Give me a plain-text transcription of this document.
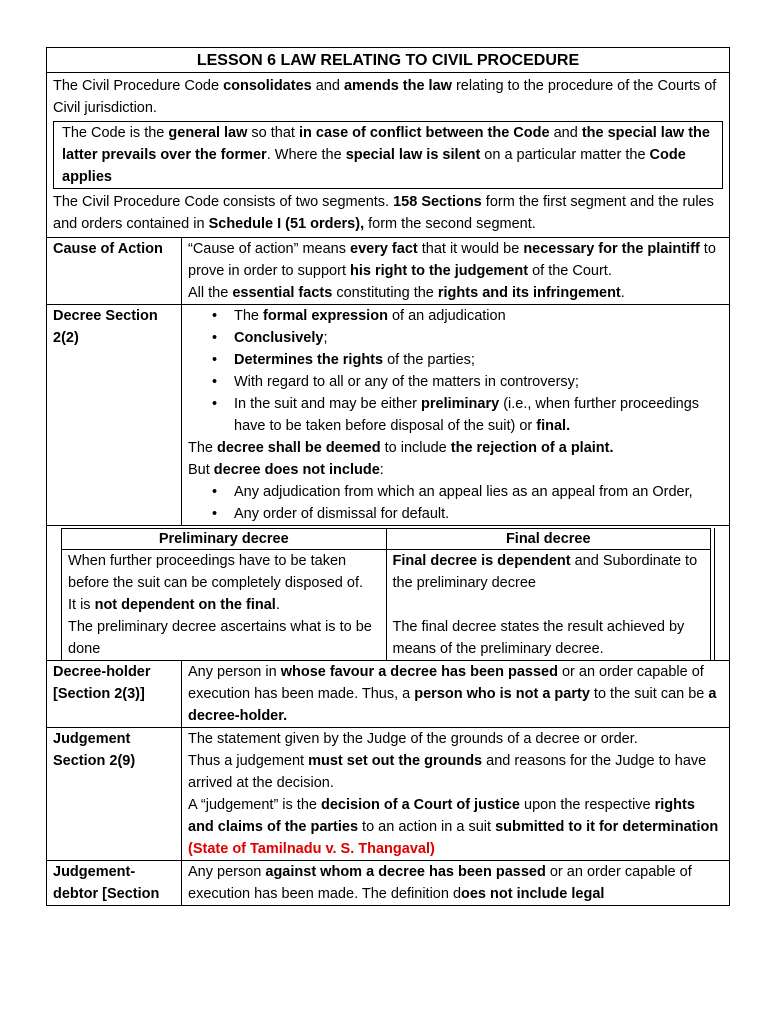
LESSON 6 LAW RELATING TO CIVIL PROCEDURE
The Civil Procedure Code consolidates and amends the law relating to the procedure of the Courts of Civil jurisdiction.
The Code is the general law so that in case of conflict between the Code and the special law the latter prevails over the former. Where the special law is silent on a particular matter the Code applies
The Civil Procedure Code consists of two segments. 158 Sections form the first segment and the rules and orders contained in Schedule I (51 orders), form the second segment.
Cause of Action	“Cause of action” means every fact that it would be necessary for the plaintiff to prove in order to support his right to the judgement of the Court.
All the essential facts constituting the rights and its infringement.
Decree Section 2(2)
• The formal expression of an adjudication
• Conclusively;
• Determines the rights of the parties;
• With regard to all or any of the matters in controversy;
• In the suit and may be either preliminary (i.e., when further proceedings have to be taken before disposal of the suit) or final.
The decree shall be deemed to include the rejection of a plaint.
But decree does not include:
• Any adjudication from which an appeal lies as an appeal from an Order,
• Any order of dismissal for default.
Preliminary decree	Final decree
When further proceedings have to be taken before the suit can be completely disposed of.
It is not dependent on the final.
The preliminary decree ascertains what is to be done
Final decree is dependent and Subordinate to the preliminary decree
The final decree states the result achieved by means of the preliminary decree.
Decree-holder [Section 2(3)]
Any person in whose favour a decree has been passed or an order capable of execution has been made. Thus, a person who is not a party to the suit can be a decree-holder.
Judgement Section 2(9)
The statement given by the Judge of the grounds of a decree or order.
Thus a judgement must set out the grounds and reasons for the Judge to have arrived at the decision.
A “judgement” is the decision of a Court of justice upon the respective rights and claims of the parties to an action in a suit submitted to it for determination (State of Tamilnadu v. S. Thangaval)
Judgement-debtor [Section
Any person against whom a decree has been passed or an order capable of execution has been made. The definition does not include legal
